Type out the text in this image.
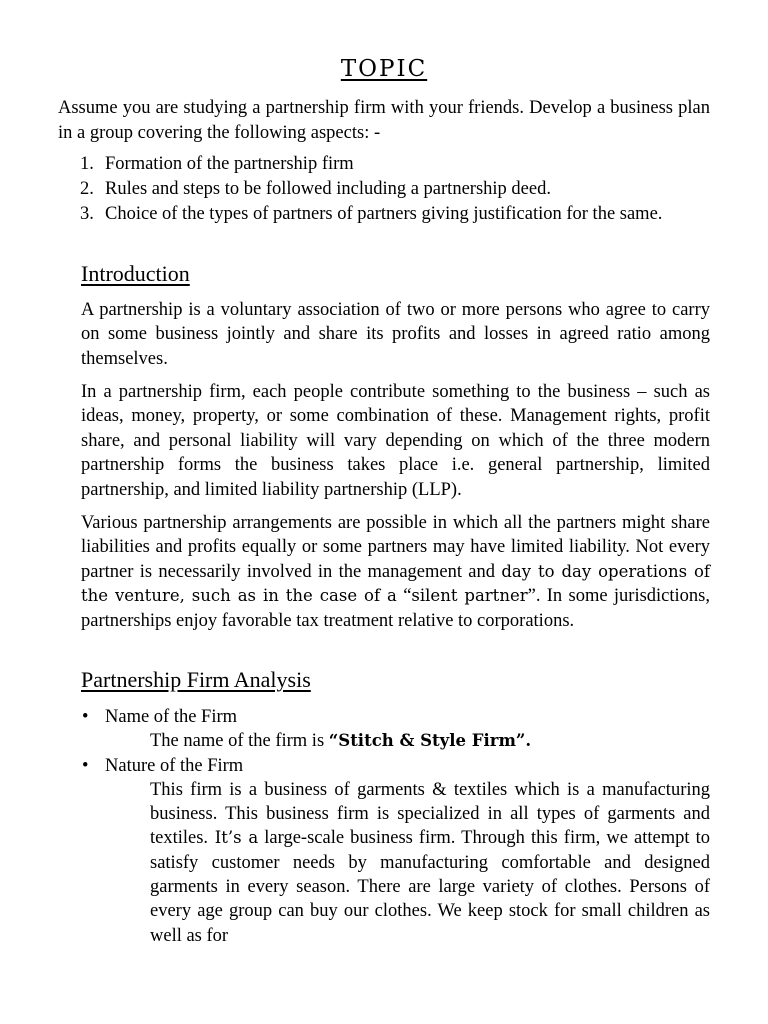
TOPIC
Assume you are studying a partnership firm with your friends. Develop a business plan in a group covering the following aspects: -
1. Formation of the partnership firm
2. Rules and steps to be followed including a partnership deed.
3. Choice of the types of partners of partners giving justification for the same.
Introduction

A partnership is a voluntary association of two or more persons who agree to carry on some business jointly and share its profits and losses in agreed ratio among themselves.

In a partnership firm, each people contribute something to the business – such as ideas, money, property, or some combination of these. Management rights, profit share, and personal liability will vary depending on which of the three modern partnership forms the business takes place i.e. general partnership, limited partnership, and limited liability partnership (LLP).

Various partnership arrangements are possible in which all the partners might share liabilities and profits equally or some partners may have limited liability. Not every partner is necessarily involved in the management and day to day operations of the venture, such as in the case of a “silent partner”. In some jurisdictions, partnerships enjoy favorable tax treatment relative to corporations.

Partnership Firm Analysis
• Name of the Firm
The name of the firm is “Stitch & Style Firm”.
• Nature of the Firm
This firm is a business of garments & textiles which is a manufacturing business. This business firm is specialized in all types of garments and textiles. It’s a large-scale business firm. Through this firm, we attempt to satisfy customer needs by manufacturing comfortable and designed garments in every season. There are large variety of clothes. Persons of every age group can buy our clothes. We keep stock for small children as well as for
